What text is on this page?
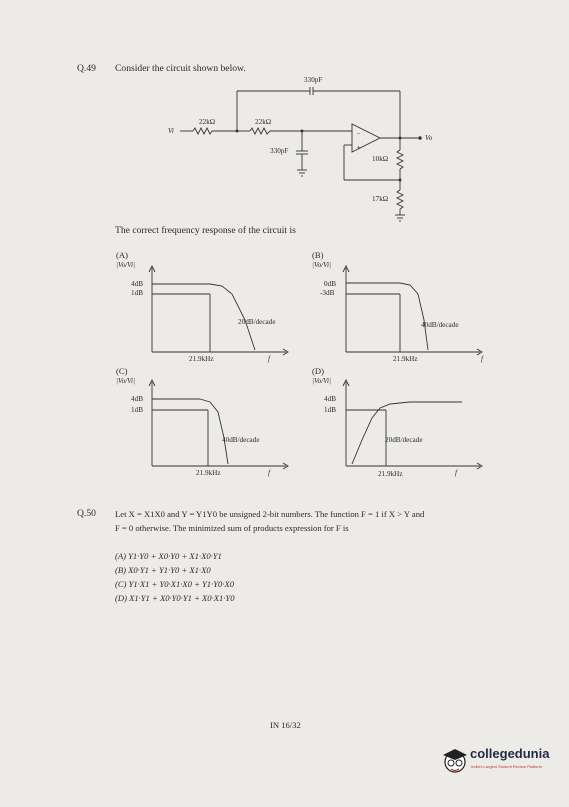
Q.49 Consider the circuit shown below.
−
+
330pF
22kΩ	22kΩ
Vi
330pF
Vo
10kΩ
17kΩ
The correct frequency response of the circuit is
(A)
|Vo/Vi|
4dB
1dB
20dB/decade
21.9kHz	f
(B)
|Vo/Vi|
0dB
-3dB
40dB/decade
21.9kHz	f
(C)
|Vo/Vi|
4dB
1dB
40dB/decade
21.9kHz	f
(D)
|Vo/Vi|
4dB
1dB
20dB/decade
21.9kHz	f
Q.50 Let X = X1X0 and Y = Y1Y0 be unsigned 2-bit numbers. The function F = 1 if X > Y and
F = 0 otherwise. The minimized sum of products expression for F is
(A) Y1·Y0 + X0·Y0 + X1·X0·Y1
(B) X0·Y1 + Y1·Y0 + X1·X0
(C) Y1·X1 + Y0·X1·X0 + Y1·Y0·X0
(D) X1·Y1 + X0·Y0·Y1 + X0·X1·Y0
IN 16/32
collegedunia
India's Largest Student Review Platform
